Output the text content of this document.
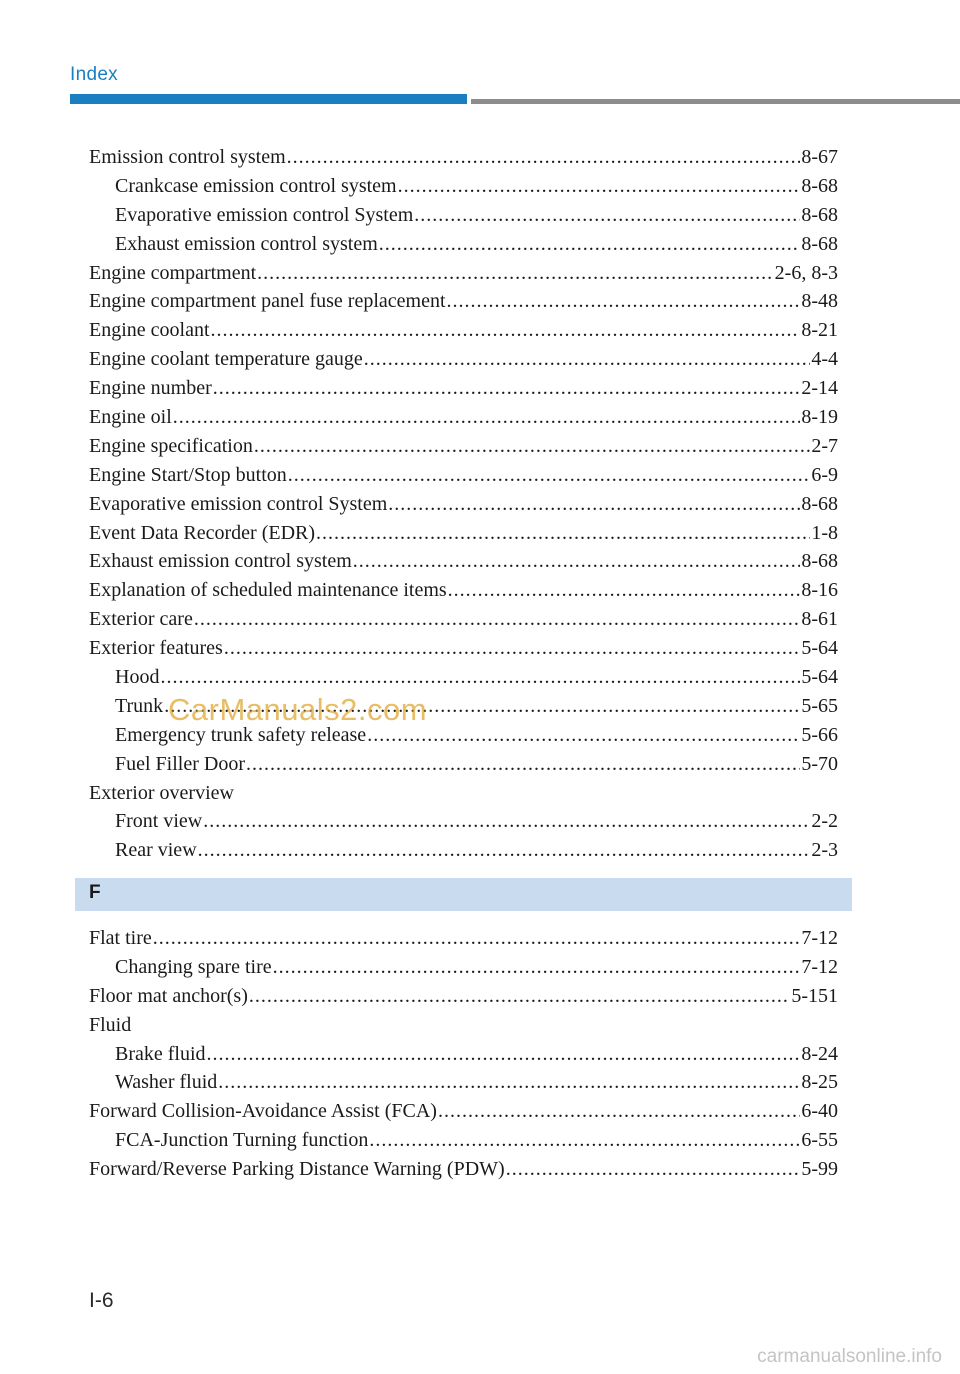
Index
Emission control system .....	8-67
Crankcase emission control system .....	8-68
Evaporative emission control System .....	8-68
Exhaust emission control system .....	8-68
Engine compartment .....	2-6, 8-3
Engine compartment panel fuse replacement .....	8-48
Engine coolant .....	8-21
Engine coolant temperature gauge .....	4-4
Engine number .....	2-14
Engine oil .....	8-19
Engine specification .....	2-7
Engine Start/Stop button .....	6-9
Evaporative emission control System .....	8-68
Event Data Recorder (EDR) .....	1-8
Exhaust emission control system .....	8-68
Explanation of scheduled maintenance items .....	8-16
Exterior care .....	8-61
Exterior features .....	5-64
Hood .....	5-64
Trunk .....	5-65
Emergency trunk safety release .....	5-66
Fuel Filler Door .....	5-70
Exterior overview
Front view .....	2-2
Rear view .....	2-3
F
Flat tire .....	7-12
Changing spare tire .....	7-12
Floor mat anchor(s) .....	5-151
Fluid
Brake fluid .....	8-24
Washer fluid .....	8-25
Forward Collision-Avoidance Assist (FCA) .....	6-40
FCA-Junction Turning function .....	6-55
Forward/Reverse Parking Distance Warning (PDW) .....	5-99
CarManuals2.com
I-6
carmanualsonline.info
